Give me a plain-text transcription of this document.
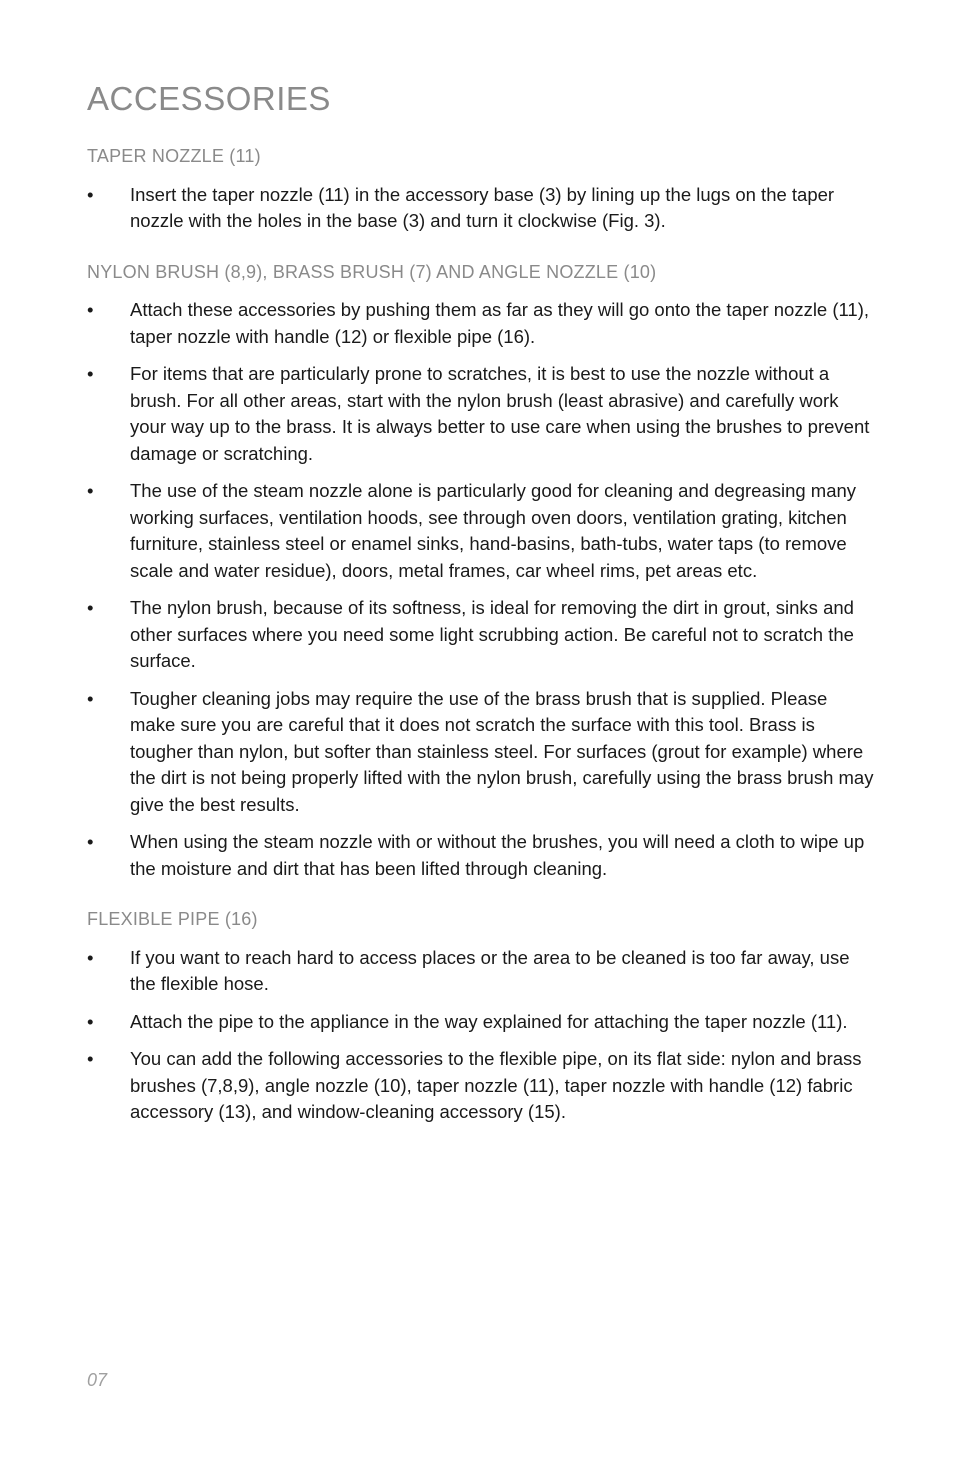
ACCESSORIES
TAPER NOZZLE (11)
• Insert the taper nozzle (11) in the accessory base (3) by lining up the lugs on the taper nozzle with the holes in the base (3) and turn it clockwise (Fig. 3).
NYLON BRUSH (8,9), BRASS BRUSH (7) AND ANGLE NOZZLE (10)
• Attach these accessories by pushing them as far as they will go onto the taper nozzle (11), taper nozzle with handle (12) or flexible pipe (16).
• For items that are particularly prone to scratches, it is best to use the nozzle without a brush. For all other areas, start with the nylon brush (least abrasive) and carefully work your way up to the brass. It is always better to use care when using the brushes to prevent damage or scratching.
• The use of the steam nozzle alone is particularly good for cleaning and degreasing many working surfaces, ventilation hoods, see through oven doors, ventilation grating, kitchen furniture, stainless steel or enamel sinks, hand-basins, bath-tubs, water taps (to remove scale and water residue), doors, metal frames, car wheel rims, pet areas etc.
• The nylon brush, because of its softness, is ideal for removing the dirt in grout, sinks and other surfaces where you need some light scrubbing action. Be careful not to scratch the surface.
• Tougher cleaning jobs may require the use of the brass brush that is supplied. Please make sure you are careful that it does not scratch the surface with this tool. Brass is tougher than nylon, but softer than stainless steel. For surfaces (grout for example) where the dirt is not being properly lifted with the nylon brush, carefully using the brass brush may give the best results.
• When using the steam nozzle with or without the brushes, you will need a cloth to wipe up the moisture and dirt that has been lifted through cleaning.
FLEXIBLE PIPE (16)
• If you want to reach hard to access places or the area to be cleaned is too far away, use the flexible hose.
• Attach the pipe to the appliance in the way explained for attaching the taper nozzle (11).
• You can add the following accessories to the flexible pipe, on its flat side: nylon and brass brushes (7,8,9), angle nozzle (10), taper nozzle (11), taper nozzle with handle (12) fabric accessory (13), and window-cleaning accessory (15).
07
